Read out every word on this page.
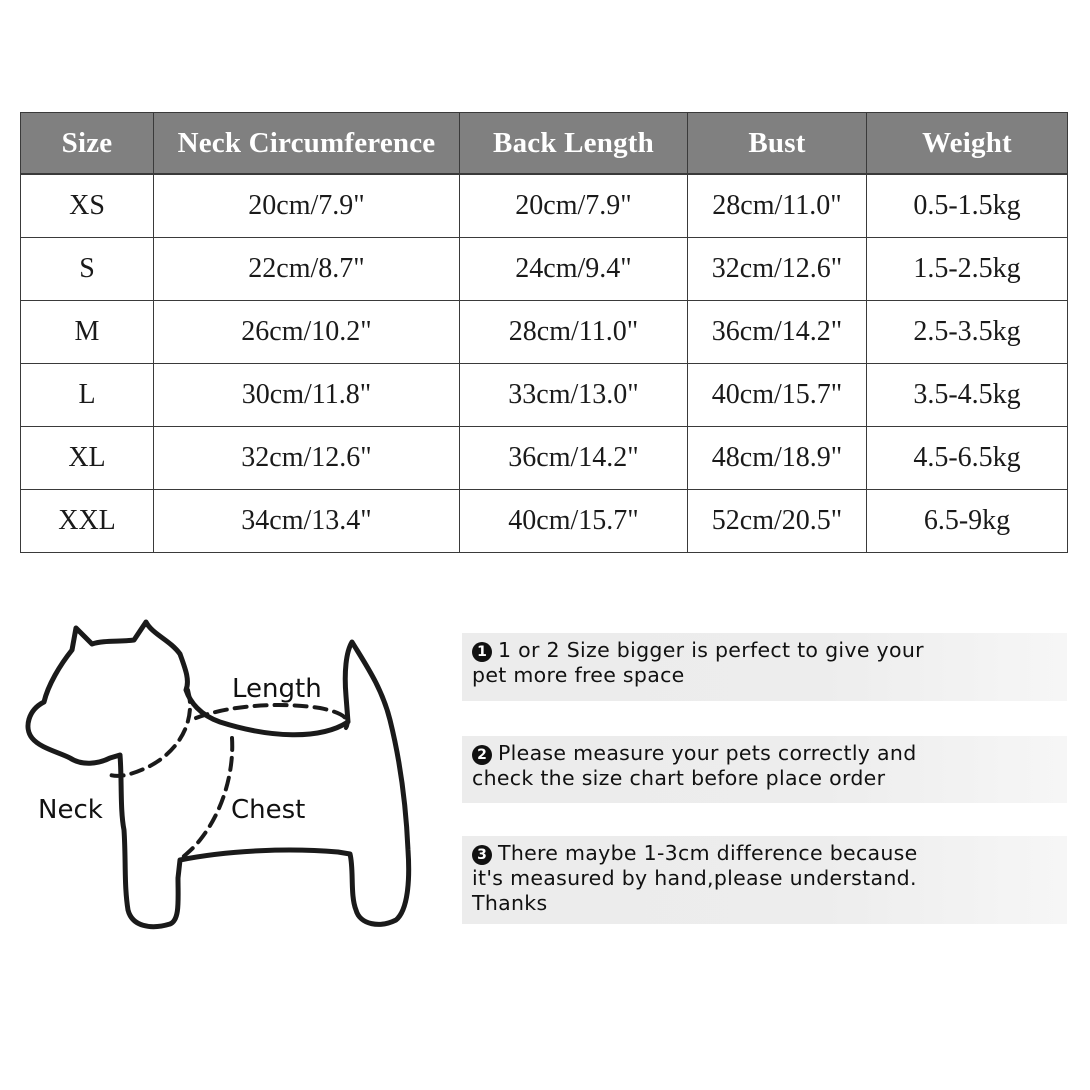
Size	Neck Circumference	Back Length	Bust	Weight
XS	20cm/7.9"	20cm/7.9"	28cm/11.0"	0.5-1.5kg
S	22cm/8.7"	24cm/9.4"	32cm/12.6"	1.5-2.5kg
M	26cm/10.2"	28cm/11.0"	36cm/14.2"	2.5-3.5kg
L	30cm/11.8"	33cm/13.0"	40cm/15.7"	3.5-4.5kg
XL	32cm/12.6"	36cm/14.2"	48cm/18.9"	4.5-6.5kg
XXL	34cm/13.4"	40cm/15.7"	52cm/20.5"	6.5-9kg
Length
Neck	Chest
1 1 or 2 Size bigger is perfect to give your
pet more free space
2 Please measure your pets correctly and
check the size chart before place order
3 There maybe 1-3cm difference because
it's measured by hand,please understand.
Thanks
